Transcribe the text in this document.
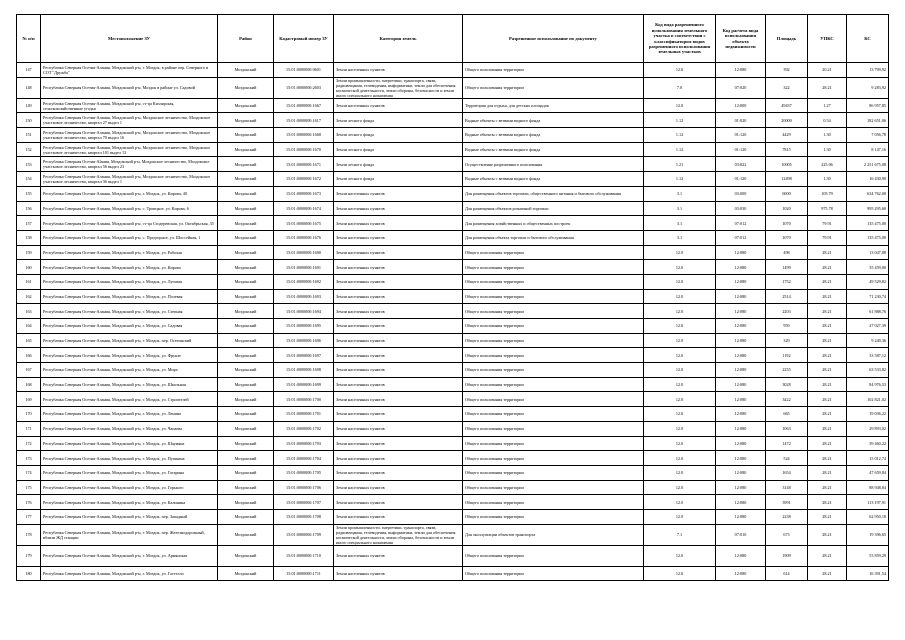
№ п/п	Местоположение ЗУ	Район	Кадастровый номер ЗУ	Категория земель	Разрешенное использование по документу	Код вида разрешенного использования земельного участка в соответствии с классификатором видов разрешенного использования земельных участков	Код расчета вида использования объекта недвижимости	Площадь	УПКС	КС
147	Республика Северная Осетия-Алания, Моздокский р-н, г. Моздок, в районе пер. Северного и СОТ "Дружба"	Моздокский	15:01:0000000:0601	Земли населенных пунктов	Общего пользования территории	12.0	12:080	392	20.21	13 799,92
148	Республика Северная Осетия-Алания, Моздокский р-н, Моздок в районе ул. Садовой	Моздокский	15:01:0000000:2603	Земли промышленности, энергетики, транспорта, связи, радиовещания, телевидения, информатики, земли для обеспечения космической деятельности, земли обороны, безопасности и земли иного специального назначения	Общего пользования территории	7.0	07:020	322	28.21	9 283,92
149	Республика Северная Осетия-Алания, Моздокский р-н, ст-ца Кизлярская, сельскохозяйственные угодья	Моздокский	15:01:0000000:1667	Земли населенных пунктов	Территория для отдыха, для детских площадок	12.0	12:000	49437	1.27	86 957,85
150	Республика Северная Осетия-Алания, Моздокский р-н, Моздокское лесничество, Моздокское участковое лесничество, квартал 27 выдел 1	Моздокский	15:01:0000000:1617	Земли лесного фонда	Водные объекты с ветвями водного фонда	1.12	01:020	20000	0.54	182 651,06
151	Республика Северная Осетия-Алания, Моздокский р-н, Моздокское лесничество, Моздокское участковое лесничество, квартал 70 выдел 16	Моздокский	15:01:0000000:1668	Земли лесного фонда	Водные объекты с ветвями водного фонда	1.12	01:120	4429	1.30	7 056,78
152	Республика Северная Осетия-Алания, Моздокский р-н, Моздокское лесничество, Моздокское участковое лесничество, квартал 101 выдел 13	Моздокский	15:01:0000000:1670	Земли лесного фонда	Водные объекты с ветвями водного фонда	1.12	01:120	7815	1.30	8 147,16
153	Республика Северная Осетия-Alания, Моздокский р-н, Моздокское лесничество, Моздокское участковое лесничество, квартал 56 выдел 23	Моздокский	15:01:0000000:1671	Земли лесного фонда	Осуществление разрешенного пользования	1.21	03:022	10005	225.06	2 251 675,08
154	Республика Северная Осетия-Алания, Моздокский р-н, Моздокское лесничество, Моздокское участковое лесничество, квартал 36 выдел 1	Моздокский	15:01:0000000:1672	Земли лесного фонда	Водные объекты с ветвями водного фонда	1.12	01:120	12498	1.30	16 430,90
155	Республика Северная Осетия-Алания, Моздокский р-н, г. Моздок, ул. Кирова, 40	Моздокский	15:01:0000000:1673	Земли населенных пунктов	Для размещения объектов торговли, общественного питания и бытового обслуживания	3.1	03:000	6000	105.79	634 762,00
156	Республика Северная Осетия-Алания, Моздокский р-н, с. Троицкое, ул. Кирова, 6	Моздокский	15:01:0000000:1674	Земли населенных пунктов	Для размещения объектов розничной торговли	3.1	03:030	1020	975.78	995 295,60
157	Республика Северная Осетия-Алания, Моздокский р-н, ст-ца Стодеревская, ул. Октябрьская, 35	Моздокский	15:01:0000000:1675	Земли населенных пунктов	Для размещения хозяйственных и общественных построек	3.1	07:012	1070	79.91	135 475,00
158	Республика Северная Осетия-Алания, Моздокский р-н, с. Предгорное, ул. Шоссейная, 1	Моздокский	15:01:0000000:1676	Земли населенных пунктов	Для размещения объекта торговли и бытового обслуживания	3.1	07:012	1070	79.91	135 475,00
159	Республика Северная Осетия-Алания, Моздокский р-н, г. Моздок, ул. Рабочая	Моздокский	15:01:0000000:1690	Земли населенных пунктов	Общего пользования территории	12.0	12:080	498	28.21	13 047,88
160	Республика Северная Осетия-Алания, Моздокский р-н, г. Моздок, ул. Кирова	Моздокский	15:01:0000000:1691	Земли населенных пунктов	Общего пользования территории	12.0	12:080	1499	28.21	35 459,00
161	Республика Северная Осетия-Алания, Моздокский р-н, г. Моздок, ул. Луговая	Моздокский	15:01:0000000:1692	Земли населенных пунктов	Общего пользования территории	12.0	12:080	1752	28.21	49 529,82
162	Республика Северная Осетия-Алания, Моздокский р-н, г. Моздок, ул. Полевая	Моздокский	15:01:0000000:1693	Земли населенных пунктов	Общего пользования территории	12.0	12:080	2514	28.21	71 230,74
163	Республика Северная Осетия-Алания, Моздокский р-н, г. Моздок, ул. Степная	Моздокский	15:01:0000000:1694	Земли населенных пунктов	Общего пользования территории	12.0	12:080	2203	28.21	61 888,76
164	Республика Северная Осетия-Алания, Моздокский р-н, г. Моздок, ул. Садовая	Моздокский	15:01:0000000:1695	Земли населенных пунктов	Общего пользования территории	12.0	12:080	959	28.21	27 027,39
165	Республика Северная Осетия-Алания, Моздокский р-н, г. Моздок, пер. Осетинский	Моздокский	15:01:0000000:1696	Земли населенных пунктов	Общего пользования территории	12.0	12:080	329	28.21	9 240,36
166	Республика Северная Осетия-Алания, Моздокский р-н, г. Моздок, ул. Фрунзе	Моздокский	15:01:0000000:1697	Земли населенных пунктов	Общего пользования территории	12.0	12:080	1192	28.21	33 587,12
167	Республика Северная Осетия-Алания, Моздокский р-н, г. Моздок, ул. Мира	Моздокский	15:01:0000000:1698	Земли населенных пунктов	Общего пользования территории	12.0	12:080	2255	28.21	63 533,82
168	Республика Северная Осетия-Алания, Моздокский р-н, г. Моздок, ул. Школьная	Моздокский	15:01:0000000:1699	Земли населенных пунктов	Общего пользования территории	12.0	12:080	3028	28.21	84 976,53
169	Республика Северная Осетия-Алания, Моздокский р-н, г. Моздок, ул. Строителей	Моздокский	15:01:0000000:1700	Земли населенных пунктов	Общего пользования территории	12.0	12:080	3422	28.21	102 821,02
170	Республика Северная Осетия-Алания, Моздокский р-н, г. Моздок, ул. Ленина	Моздокский	15:01:0000000:1701	Земли населенных пунктов	Общего пользования территории	12.0	12:080	665	28.21	19 036,22
171	Республика Северная Осетия-Алания, Моздокский р-н, г. Моздок, ул. Чапаева	Моздокский	15:01:0000000:1702	Земли населенных пунктов	Общего пользования территории	12.0	12:080	1063	28.21	29 893,02
172	Республика Северная Осетия-Алания, Моздокский р-н, г. Моздок, ул. Шаумяна	Моздокский	15:01:0000000:1703	Земли населенных пунктов	Общего пользования территории	12.0	12:080	1472	28.21	39 460,22
173	Республика Северная Осетия-Алания, Моздокский р-н, г. Моздок, ул. Пушкина	Моздокский	15:01:0000000:1704	Земли населенных пунктов	Общего пользования территории	12.0	12:080	524	28.21	15 012,74
174	Республика Северная Осетия-Алания, Моздокский р-н, г. Моздок, ул. Гагарина	Моздокский	15:01:0000000:1705	Земли населенных пунктов	Общего пользования территории	12.0	12:080	1654	28.21	47 659,84
175	Республика Северная Осетия-Алания, Моздокский р-н, г. Моздок, ул. Горького	Моздокский	15:01:0000000:1706	Земли населенных пунктов	Общего пользования территории	12.0	12:080	3148	28.21	88 948,04
176	Республика Северная Осетия-Алания, Моздокский р-н, г. Моздок, ул. Калинина	Моздокский	15:01:0000000:1707	Земли населенных пунктов	Общего пользования территории	12.0	12:080	3991	28.21	113 197,91
177	Республика Северная Осетия-Алания, Моздокский р-н, г. Моздок, пер. Западный	Моздокский	15:01:0000000:1708	Земли населенных пунктов	Общего пользования территории	12.0	12:080	2238	28.21	62 950,18
178	Республика Северная Осетия-Алания, Моздокский р-н, г. Моздок, пер. Железнодорожный, вблизи ЖД станции	Моздокский	15:01:0000000:1709	Земли промышленности, энергетики, транспорта, связи, радиовещания, телевидения, информатики, земли для обеспечения космической деятельности, земли обороны, безопасности и земли иного специального назначения	Для эксплуатации объектов транспорта	7.1	07:010	673	28.21	19 396,65
179	Республика Северная Осетия-Алания, Моздокский р-н, г. Моздок, ул. Армянская	Моздокский	15:01:0000000:1710	Земли населенных пунктов	Общего пользования территории	12.0	12:080	1909	28.21	53 859,29
180	Республика Северная Осетия-Алания, Моздокский р-н, г. Моздок, ул. Гастелло	Моздокский	15:01:0000000:1711	Земли населенных пунктов	Общего пользования территории	12.0	12:080	614	28.21	16 391,54
